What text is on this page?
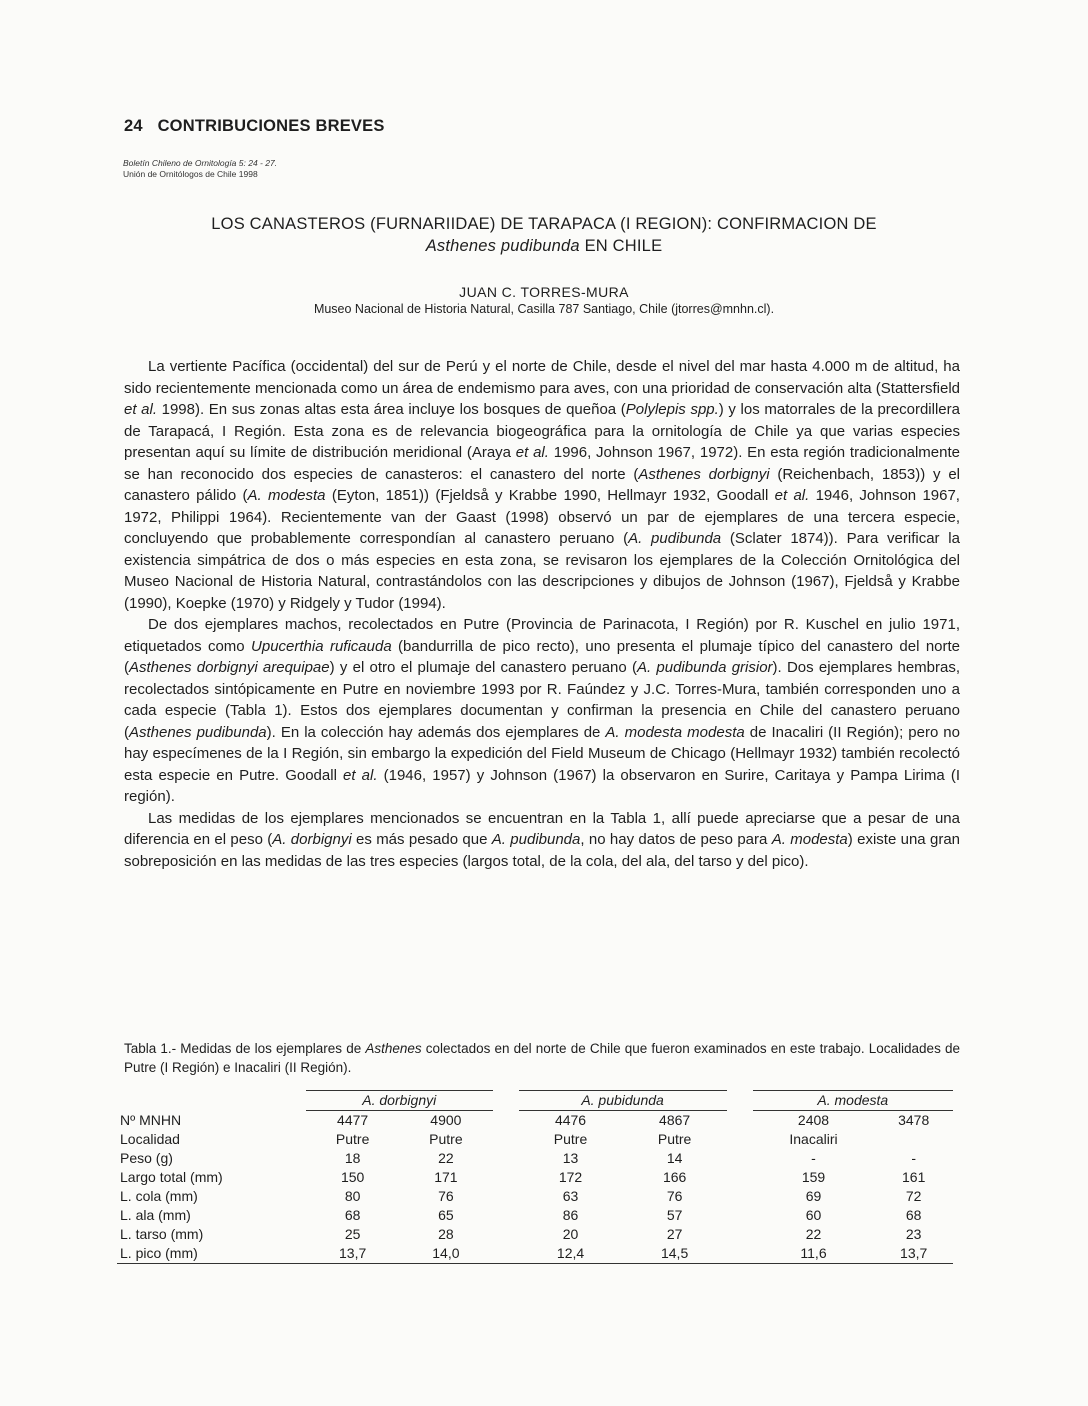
24 CONTRIBUCIONES BREVES
Boletín Chileno de Ornitología 5: 24 - 27.
Unión de Ornitólogos de Chile 1998
LOS CANASTEROS (FURNARIIDAE) DE TARAPACA (I REGION): CONFIRMACION DE
Asthenes pudibunda EN CHILE
JUAN C. TORRES-MURA
Museo Nacional de Historia Natural, Casilla 787 Santiago, Chile (jtorres@mnhn.cl).

La vertiente Pacífica (occidental) del sur de Perú y el norte de Chile, desde el nivel del mar hasta 4.000 m de altitud, ha sido recientemente mencionada como un área de endemismo para aves, con una prioridad de conservación alta (Stattersfield et al. 1998). En sus zonas altas esta área incluye los bosques de queñoa (Polylepis spp.) y los matorrales de la precordillera de Tarapacá, I Región. Esta zona es de relevancia biogeográfica para la ornitología de Chile ya que varias especies presentan aquí su límite de distribución meridional (Araya et al. 1996, Johnson 1967, 1972). En esta región tradicionalmente se han reconocido dos especies de canasteros: el canastero del norte (Asthenes dorbignyi (Reichenbach, 1853)) y el canastero pálido (A. modesta (Eyton, 1851)) (Fjeldså y Krabbe 1990, Hellmayr 1932, Goodall et al. 1946, Johnson 1967, 1972, Philippi 1964). Recientemente van der Gaast (1998) observó un par de ejemplares de una tercera especie, concluyendo que probablemente correspondían al canastero peruano (A. pudibunda (Sclater 1874)). Para verificar la existencia simpátrica de dos o más especies en esta zona, se revisaron los ejemplares de la Colección Ornitológica del Museo Nacional de Historia Natural, contrastándolos con las descripciones y dibujos de Johnson (1967), Fjeldså y Krabbe (1990), Koepke (1970) y Ridgely y Tudor (1994).

De dos ejemplares machos, recolectados en Putre (Provincia de Parinacota, I Región) por R. Kuschel en julio 1971, etiquetados como Upucerthia ruficauda (bandurrilla de pico recto), uno presenta el plumaje típico del canastero del norte (Asthenes dorbignyi arequipae) y el otro el plumaje del canastero peruano (A. pudibunda grisior). Dos ejemplares hembras, recolectados sintópicamente en Putre en noviembre 1993 por R. Faúndez y J.C. Torres-Mura, también corresponden uno a cada especie (Tabla 1). Estos dos ejemplares documentan y confirman la presencia en Chile del canastero peruano (Asthenes pudibunda). En la colección hay además dos ejemplares de A. modesta modesta de Inacaliri (II Región); pero no hay especímenes de la I Región, sin embargo la expedición del Field Museum de Chicago (Hellmayr 1932) también recolectó esta especie en Putre. Goodall et al. (1946, 1957) y Johnson (1967) la observaron en Surire, Caritaya y Pampa Lirima (I región).

Las medidas de los ejemplares mencionados se encuentran en la Tabla 1, allí puede apreciarse que a pesar de una diferencia en el peso (A. dorbignyi es más pesado que A. pudibunda, no hay datos de peso para A. modesta) existe una gran sobreposición en las medidas de las tres especies (largos total, de la cola, del ala, del tarso y del pico).

Tabla 1.- Medidas de los ejemplares de Asthenes colectados en del norte de Chile que fueron examinados en este trabajo. Localidades de Putre (I Región) e Inacaliri (II Región).
	A. dorbignyi			A. pubidunda			A. modesta	
Nº MNHN	4477	4900		4476	4867		2408	3478
Localidad	Putre	Putre		Putre	Putre		Inacaliri	
Peso (g)	18	22		13	14		-	-
Largo total (mm)	150	171		172	166		159	161
L. cola (mm)	80	76		63	76		69	72
L. ala (mm)	68	65		86	57		60	68
L. tarso (mm)	25	28		20	27		22	23
L. pico (mm)	13,7	14,0		12,4	14,5		11,6	13,7
